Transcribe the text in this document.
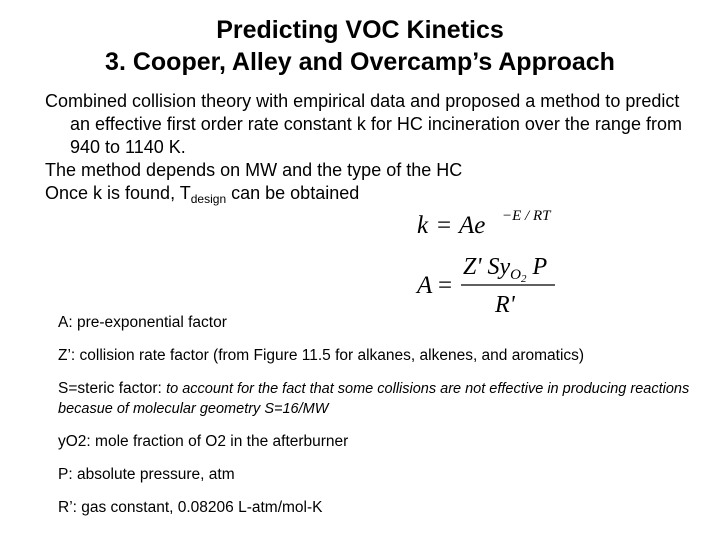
Predicting VOC Kinetics
3. Cooper, Alley and Overcamp’s Approach
Combined collision theory with empirical data and proposed a method to predict an effective first order rate constant k for HC incineration over the range from 940 to 1140 K.
The method depends on MW and the type of the HC
Once k is found, $T_{design}$ can be obtained
k = Ae −E / RT
A =
Z' $Sy_O2$ P
R'
A: pre-exponential factor
Z’: collision rate factor (from Figure 11.5 for alkanes, alkenes, and aromatics)
S=steric factor: to account for the fact that some collisions are not effective in producing reactions becasue of molecular geometry S=16/MW
yO2: mole fraction of O2 in the afterburner
P: absolute pressure, atm
R’: gas constant, 0.08206 L-atm/mol-K
